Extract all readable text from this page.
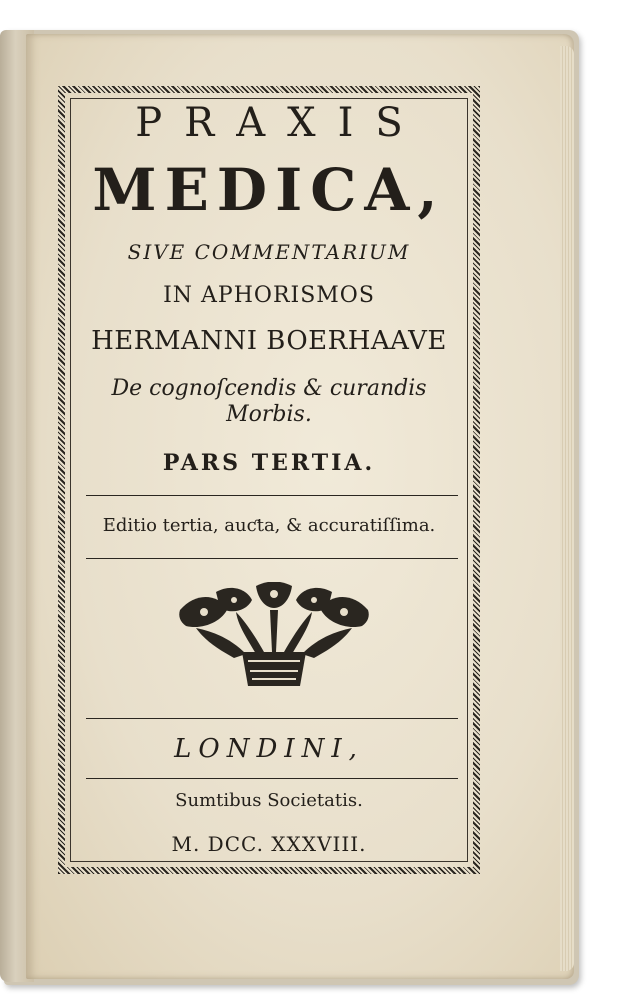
PRAXIS
MEDICA,
SIVE COMMENTARIUM
IN APHORISMOS
HERMANNI BOERHAAVE
De cognoſcendis & curandis Morbis.
PARS TERTIA.
Editio tertia, auƈta, & accuratiſſima.
LONDINI,
Sumtibus Societatis.
M. DCC. XXXVIII.
